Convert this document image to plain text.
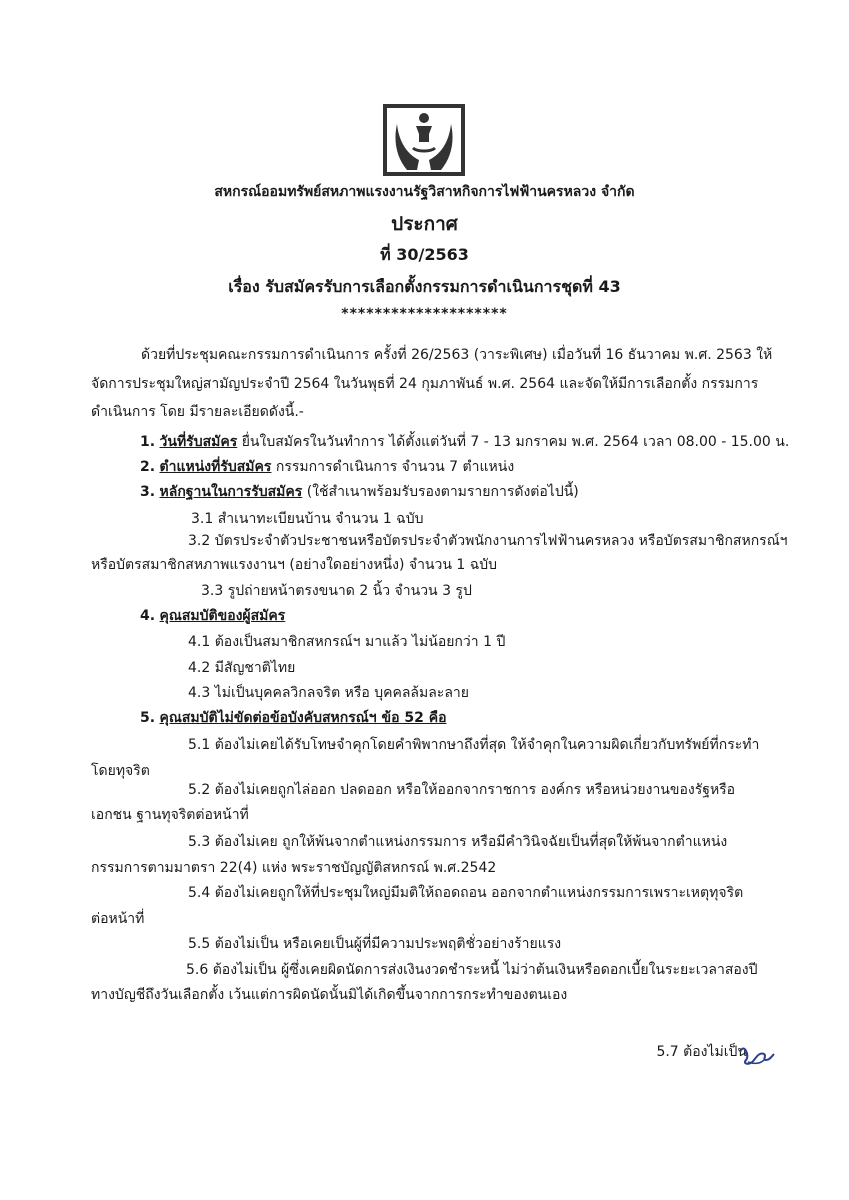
สหกรณ์ออมทรัพย์สหภาพแรงงานรัฐวิสาหกิจการไฟฟ้านครหลวง จำกัด
ประกาศ
ที่ 30/2563
เรื่อง รับสมัครรับการเลือกตั้งกรรมการดำเนินการชุดที่ 43
********************
ด้วยที่ประชุมคณะกรรมการดำเนินการ ครั้งที่ 26/2563 (วาระพิเศษ) เมื่อวันที่ 16 ธันวาคม พ.ศ. 2563 ให้
จัดการประชุมใหญ่สามัญประจำปี 2564 ในวันพุธที่ 24 กุมภาพันธ์ พ.ศ. 2564 และจัดให้มีการเลือกตั้ง กรรมการ
ดำเนินการ โดย มีรายละเอียดดังนี้.-
1. วันที่รับสมัคร ยื่นใบสมัครในวันทำการ ได้ตั้งแต่วันที่ 7 - 13 มกราคม พ.ศ. 2564 เวลา 08.00 - 15.00 น.
2. ตำแหน่งที่รับสมัคร กรรมการดำเนินการ จำนวน 7 ตำแหน่ง
3. หลักฐานในการรับสมัคร (ใช้สำเนาพร้อมรับรองตามรายการดังต่อไปนี้)
3.1 สำเนาทะเบียนบ้าน จำนวน 1 ฉบับ
3.2 บัตรประจำตัวประชาชนหรือบัตรประจำตัวพนักงานการไฟฟ้านครหลวง หรือบัตรสมาชิกสหกรณ์ฯ
หรือบัตรสมาชิกสหภาพแรงงานฯ (อย่างใดอย่างหนึ่ง) จำนวน 1 ฉบับ
3.3 รูปถ่ายหน้าตรงขนาด 2 นิ้ว จำนวน 3 รูป
4. คุณสมบัติของผู้สมัคร
4.1 ต้องเป็นสมาชิกสหกรณ์ฯ มาแล้ว ไม่น้อยกว่า 1 ปี
4.2 มีสัญชาติไทย
4.3 ไม่เป็นบุคคลวิกลจริต หรือ บุคคลล้มละลาย
5. คุณสมบัติไม่ขัดต่อข้อบังคับสหกรณ์ฯ ข้อ 52 คือ
5.1 ต้องไม่เคยได้รับโทษจำคุกโดยคำพิพากษาถึงที่สุด ให้จำคุกในความผิดเกี่ยวกับทรัพย์ที่กระทำ
โดยทุจริต
5.2 ต้องไม่เคยถูกไล่ออก ปลดออก หรือให้ออกจากราชการ องค์กร หรือหน่วยงานของรัฐหรือ
เอกชน ฐานทุจริตต่อหน้าที่
5.3 ต้องไม่เคย ถูกให้พ้นจากตำแหน่งกรรมการ หรือมีคำวินิจฉัยเป็นที่สุดให้พ้นจากตำแหน่ง
กรรมการตามมาตรา 22(4) แห่ง พระราชบัญญัติสหกรณ์ พ.ศ.2542
5.4 ต้องไม่เคยถูกให้ที่ประชุมใหญ่มีมติให้ถอดถอน ออกจากตำแหน่งกรรมการเพราะเหตุทุจริต
ต่อหน้าที่
5.5 ต้องไม่เป็น หรือเคยเป็นผู้ที่มีความประพฤติชั่วอย่างร้ายแรง
5.6 ต้องไม่เป็น ผู้ซึ่งเคยผิดนัดการส่งเงินงวดชำระหนี้ ไม่ว่าต้นเงินหรือดอกเบี้ยในระยะเวลาสองปี
ทางบัญชีถึงวันเลือกตั้ง เว้นแต่การผิดนัดนั้นมิได้เกิดขึ้นจากการกระทำของตนเอง
5.7 ต้องไม่เป็น
